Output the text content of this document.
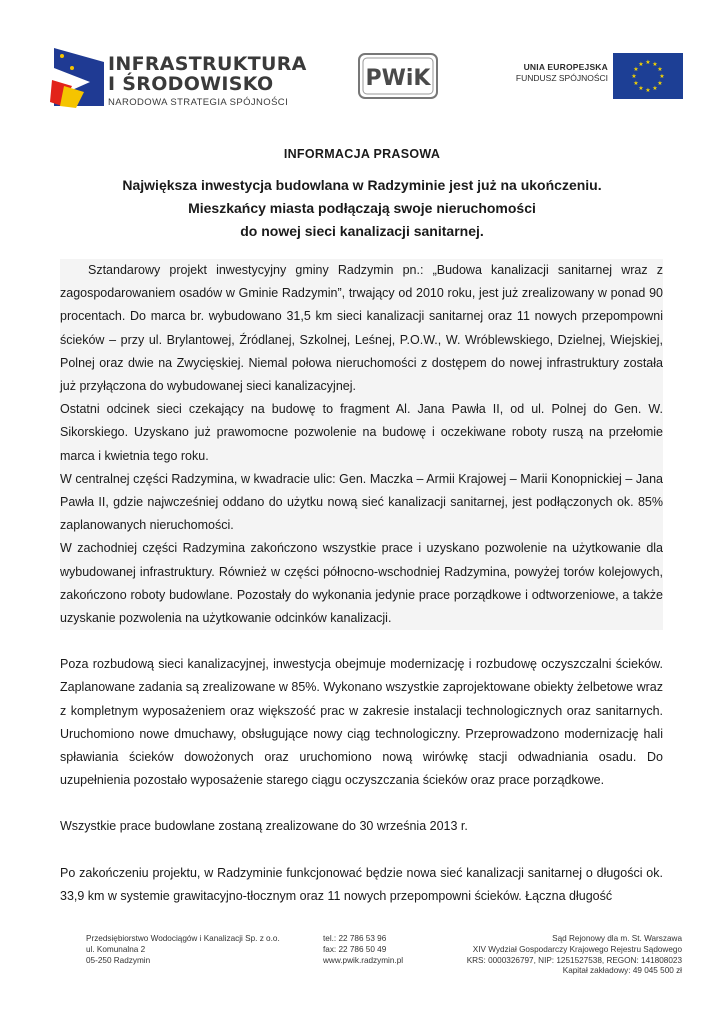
INFRASTRUKTURA
I ŚRODOWISKO
NARODOWA STRATEGIA SPÓJNOŚCI
PWiK	UNIA EUROPEJSKA
FUNDUSZ SPÓJNOŚCI
★ ★
★
★
★
★
★
★
★
★
★
★
INFORMACJA PRASOWA
Największa inwestycja budowlana w Radzyminie jest już na ukończeniu.
Mieszkańcy miasta podłączają swoje nieruchomości
do nowej sieci kanalizacji sanitarnej.

Sztandarowy projekt inwestycyjny gminy Radzymin pn.: „Budowa kanalizacji sanitarnej wraz z zagospodarowaniem osadów w Gminie Radzymin”, trwający od 2010 roku, jest już zrealizowany w ponad 90 procentach. Do marca br. wybudowano 31,5 km sieci kanalizacji sanitarnej oraz 11 nowych przepompowni ścieków – przy ul. Brylantowej, Źródlanej, Szkolnej, Leśnej, P.O.W., W. Wróblewskiego, Dzielnej, Wiejskiej, Polnej oraz dwie na Zwycięskiej. Niemal połowa nieruchomości z dostępem do nowej infrastruktury została już przyłączona do wybudowanej sieci kanalizacyjnej.

Ostatni odcinek sieci czekający na budowę to fragment Al. Jana Pawła II, od ul. Polnej do Gen. W. Sikorskiego. Uzyskano już prawomocne pozwolenie na budowę i oczekiwane roboty ruszą na przełomie marca i kwietnia tego roku.

W centralnej części Radzymina, w kwadracie ulic: Gen. Maczka – Armii Krajowej – Marii Konopnickiej – Jana Pawła II, gdzie najwcześniej oddano do użytku nową sieć kanalizacji sanitarnej, jest podłączonych ok. 85% zaplanowanych nieruchomości.

W zachodniej części Radzymina zakończono wszystkie prace i uzyskano pozwolenie na użytkowanie dla wybudowanej infrastruktury. Również w części północno-wschodniej Radzymina, powyżej torów kolejowych, zakończono roboty budowlane. Pozostały do wykonania jedynie prace porządkowe i odtworzeniowe, a także uzyskanie pozwolenia na użytkowanie odcinków kanalizacji.

Poza rozbudową sieci kanalizacyjnej, inwestycja obejmuje modernizację i rozbudowę oczyszczalni ścieków. Zaplanowane zadania są zrealizowane w 85%. Wykonano wszystkie zaprojektowane obiekty żelbetowe wraz z kompletnym wyposażeniem oraz większość prac w zakresie instalacji technologicznych oraz sanitarnych. Uruchomiono nowe dmuchawy, obsługujące nowy ciąg technologiczny. Przeprowadzono modernizację hali spławiania ścieków dowożonych oraz uruchomiono nową wirówkę stacji odwadniania osadu. Do uzupełnienia pozostało wyposażenie starego ciągu oczyszczania ścieków oraz prace porządkowe.

Wszystkie prace budowlane zostaną zrealizowane do 30 września 2013 r.

Po zakończeniu projektu, w Radzyminie funkcjonować będzie nowa sieć kanalizacji sanitarnej o długości ok. 33,9 km w systemie grawitacyjno-tłocznym oraz 11 nowych przepompowni ścieków. Łączna długość

Przedsiębiorstwo Wodociągów i Kanalizacji Sp. z o.o.
ul. Komunalna 2
05-250 Radzymin
tel.: 22 786 53 96
fax: 22 786 50 49
www.pwik.radzymin.pl
Sąd Rejonowy dla m. St. Warszawa
XIV Wydział Gospodarczy Krajowego Rejestru Sądowego
KRS: 0000326797, NIP: 1251527538, REGON: 141808023
Kapitał zakładowy: 49 045 500 zł
